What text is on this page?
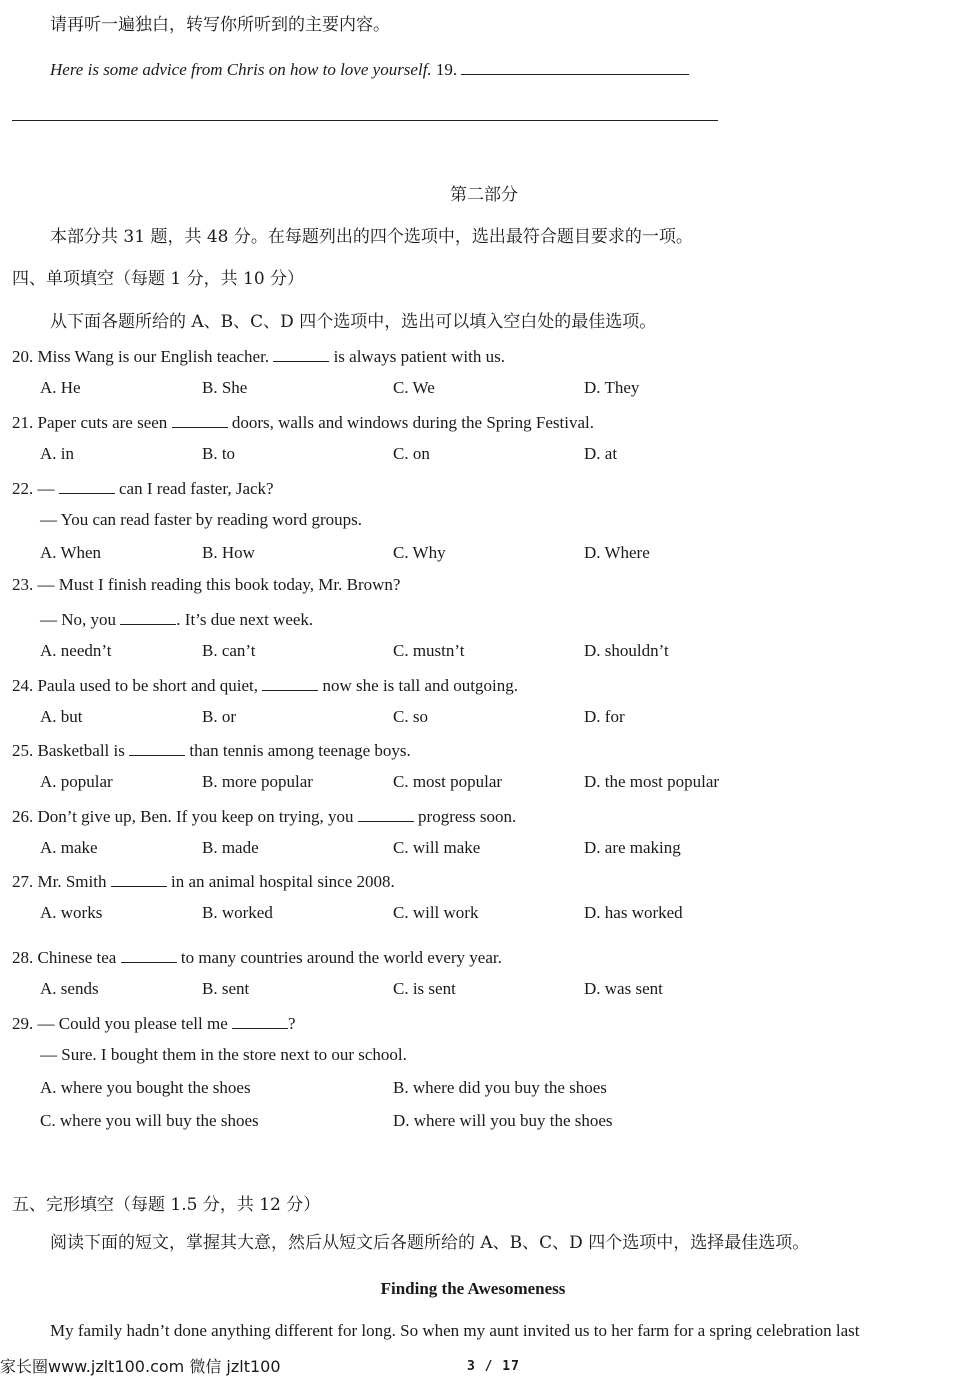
请再听一遍独白，转写你所听到的主要内容。
Here is some advice from Chris on how to love yourself. 19.
第二部分
本部分共 31 题，共 48 分。在每题列出的四个选项中，选出最符合题目要求的一项。
四、单项填空（每题 1 分，共 10 分）
从下面各题所给的 A、B、C、D 四个选项中，选出可以填入空白处的最佳选项。
20. Miss Wang is our English teacher.	is always patient with us.
A. He	B. She	C. We	D. They
21. Paper cuts are seen	doors, walls and windows during the Spring Festival.
A. in	B. to	C. on	D. at
22. —	can I read faster, Jack?
— You can read faster by reading word groups.
A. When	B. How	C. Why	D. Where
23. — Must I finish reading this book today, Mr. Brown?
— No, you	. It’s due next week.
A. needn’t	B. can’t	C. mustn’t	D. shouldn’t
24. Paula used to be short and quiet,	now she is tall and outgoing.
A. but	B. or	C. so	D. for
25. Basketball is	than tennis among teenage boys.
A. popular	B. more popular	C. most popular	D. the most popular
26. Don’t give up, Ben. If you keep on trying, you	progress soon.
A. make	B. made	C. will make	D. are making
27. Mr. Smith	in an animal hospital since 2008.
A. works	B. worked	C. will work	D. has worked
28. Chinese tea	to many countries around the world every year.
A. sends	B. sent	C. is sent	D. was sent
29. — Could you please tell me	?
— Sure. I bought them in the store next to our school.
A. where you bought the shoes	B. where did you buy the shoes
C. where you will buy the shoes	D. where will you buy the shoes
五、完形填空（每题 1.5 分，共 12 分）
阅读下面的短文，掌握其大意，然后从短文后各题所给的 A、B、C、D 四个选项中，选择最佳选项。
Finding the Awesomeness
My family hadn’t done anything different for long. So when my aunt invited us to her farm for a spring celebration last
家长圈www.jzlt100.com 微信 jzlt100	3 / 17
